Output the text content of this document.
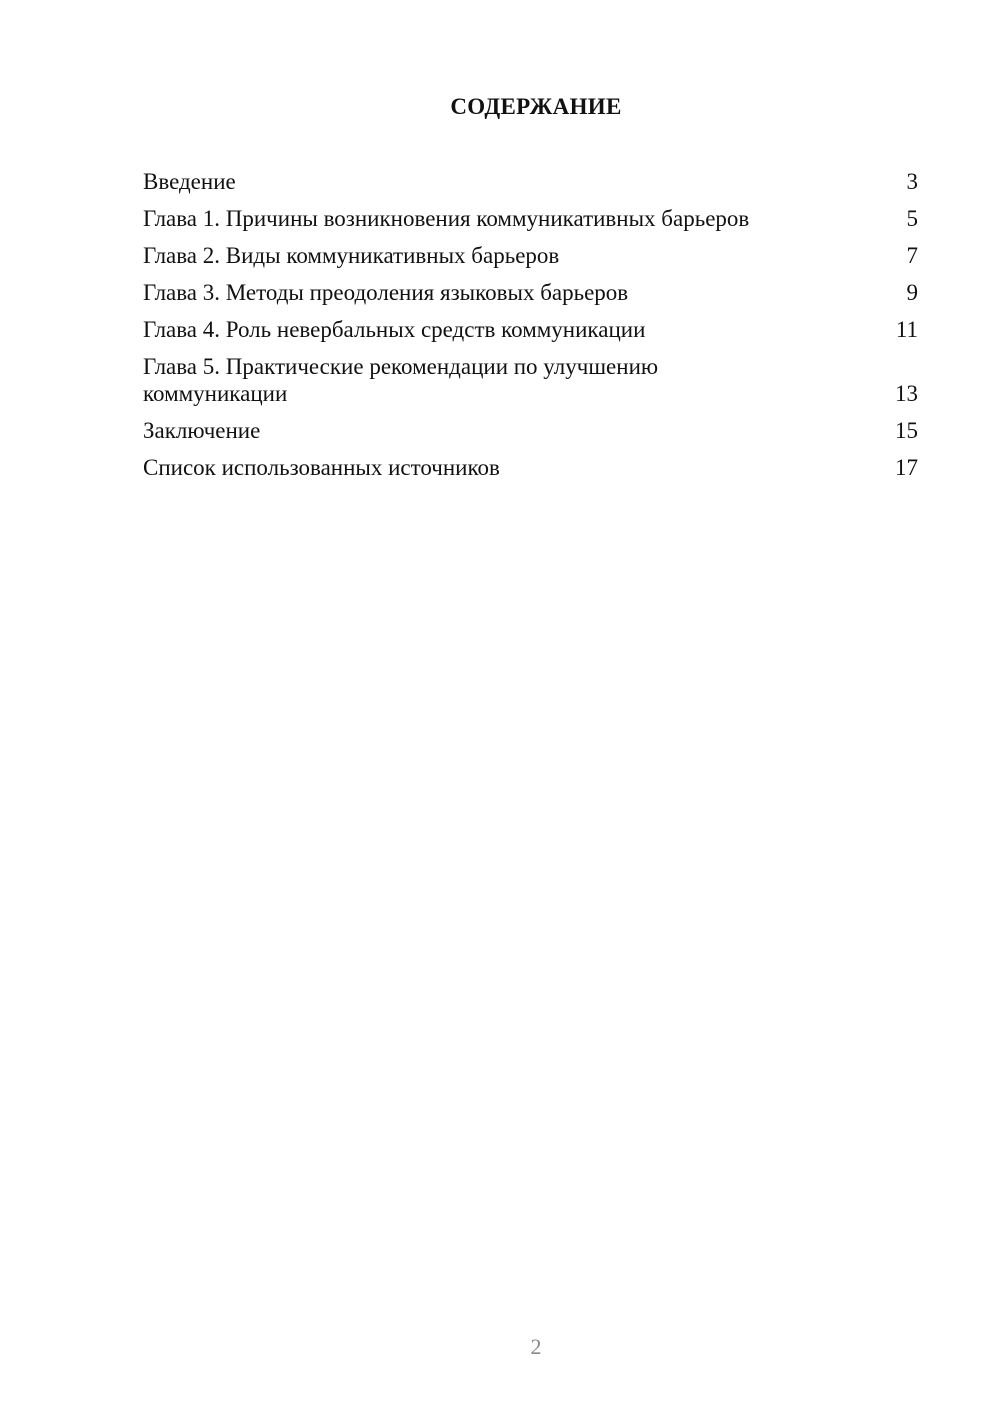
СОДЕРЖАНИЕ
Введение	3
Глава 1. Причины возникновения коммуникативных барьеров	5
Глава 2. Виды коммуникативных барьеров	7
Глава 3. Методы преодоления языковых барьеров	9
Глава 4. Роль невербальных средств коммуникации	11
Глава 5. Практические рекомендации по улучшению коммуникации	13
Заключение	15
Список использованных источников	17
2
